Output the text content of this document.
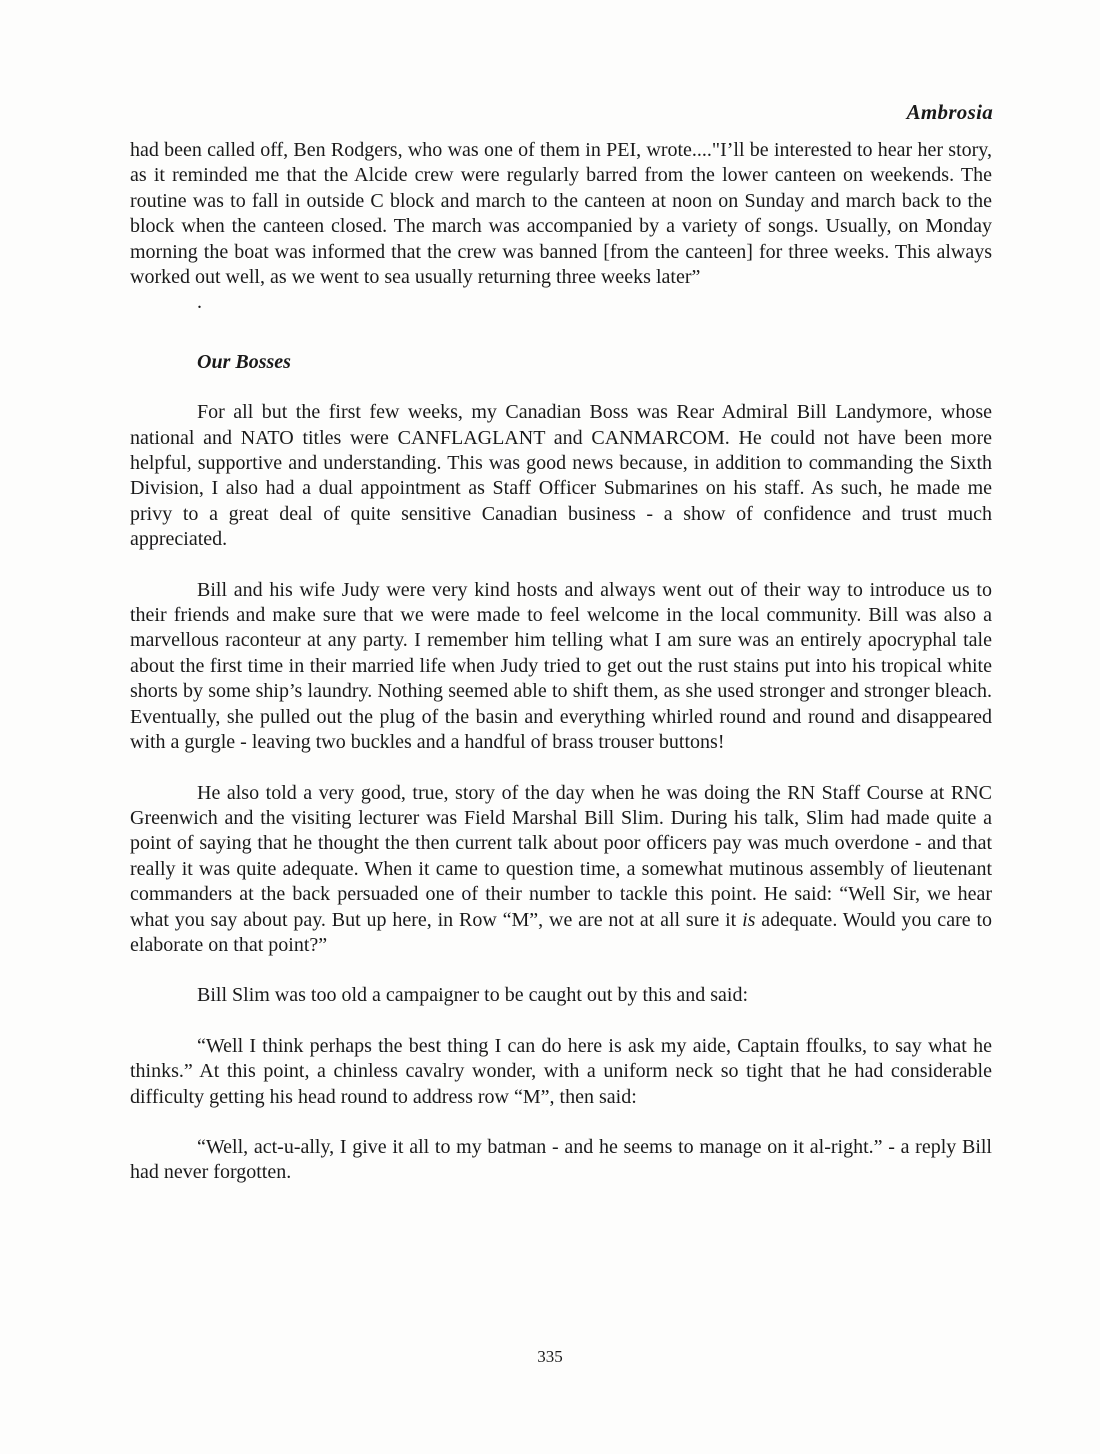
Ambrosia

had been called off, Ben Rodgers, who was one of them in PEI, wrote...."I’ll be interested to hear her story, as it reminded me that the Alcide crew were regularly barred from the lower canteen on weekends. The routine was to fall in outside C block and march to the canteen at noon on Sunday and march back to the block when the canteen closed. The march was accompanied by a variety of songs. Usually, on Monday morning the boat was informed that the crew was banned [from the canteen] for three weeks. This always worked out well, as we went to sea usually returning three weeks later”

.
Our Bosses

For all but the first few weeks, my Canadian Boss was Rear Admiral Bill Landymore, whose national and NATO titles were CANFLAGLANT and CANMARCOM. He could not have been more helpful, supportive and understanding. This was good news because, in addition to commanding the Sixth Division, I also had a dual appointment as Staff Officer Submarines on his staff. As such, he made me privy to a great deal of quite sensitive Canadian business - a show of confidence and trust much appreciated.

Bill and his wife Judy were very kind hosts and always went out of their way to introduce us to their friends and make sure that we were made to feel welcome in the local community. Bill was also a marvellous raconteur at any party. I remember him telling what I am sure was an entirely apocryphal tale about the first time in their married life when Judy tried to get out the rust stains put into his tropical white shorts by some ship’s laundry. Nothing seemed able to shift them, as she used stronger and stronger bleach. Eventually, she pulled out the plug of the basin and everything whirled round and round and disappeared with a gurgle - leaving two buckles and a handful of brass trouser buttons!

He also told a very good, true, story of the day when he was doing the RN Staff Course at RNC Greenwich and the visiting lecturer was Field Marshal Bill Slim. During his talk, Slim had made quite a point of saying that he thought the then current talk about poor officers pay was much overdone - and that really it was quite adequate. When it came to question time, a somewhat mutinous assembly of lieutenant commanders at the back persuaded one of their number to tackle this point. He said: “Well Sir, we hear what you say about pay. But up here, in Row “M”, we are not at all sure it is adequate. Would you care to elaborate on that point?”

Bill Slim was too old a campaigner to be caught out by this and said:

“Well I think perhaps the best thing I can do here is ask my aide, Captain ffoulks, to say what he thinks.” At this point, a chinless cavalry wonder, with a uniform neck so tight that he had considerable difficulty getting his head round to address row “M”, then said:

“Well, act-u-ally, I give it all to my batman - and he seems to manage on it al-right.” - a reply Bill had never forgotten.

335
